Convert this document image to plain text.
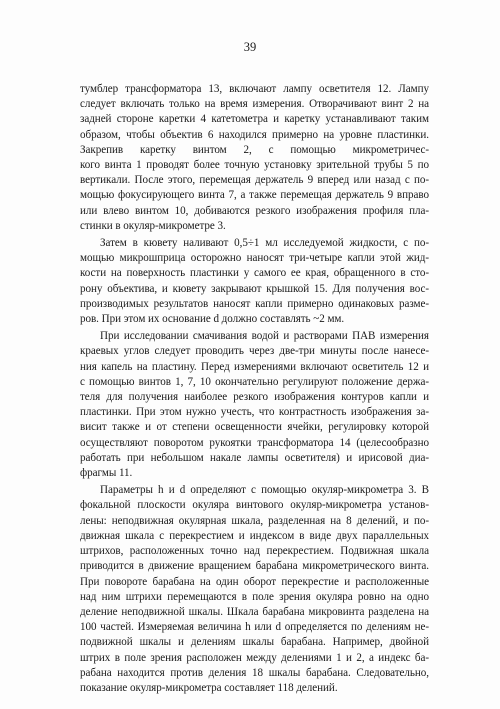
39
тумблер трансформатора 13, включают лампу осветителя 12. Лампу
следует включать только на время измерения. Отворачивают винт 2 на
задней стороне каретки 4 катетометра и каретку устанавливают таким
образом, чтобы объектив 6 находился примерно на уровне пластинки.
Закрепив каретку винтом 2, с помощью микрометричес-
кого винта 1 проводят более точную установку зрительной трубы 5 по
вертикали. После этого, перемещая держатель 9 вперед или назад с по-
мощью фокусирующего винта 7, а также перемещая держатель 9 вправо
или влево винтом 10, добиваются резкого изображения профиля пла-
стинки в окуляр-микрометре 3.
Затем в кювету наливают 0,5÷1 мл исследуемой жидкости, с по-
мощью микрошприца осторожно наносят три-четыре капли этой жид-
кости на поверхность пластинки у самого ее края, обращенного в сто-
рону объектива, и кювету закрывают крышкой 15. Для получения вос-
производимых результатов наносят капли примерно одинаковых разме-
ров. При этом их основание d должно составлять ~2 мм.
При исследовании смачивания водой и растворами ПАВ измерения
краевых углов следует проводить через две-три минуты после нанесе-
ния капель на пластину. Перед измерениями включают осветитель 12 и
с помощью винтов 1, 7, 10 окончательно регулируют положение держа-
теля для получения наиболее резкого изображения контуров капли и
пластинки. При этом нужно учесть, что контрастность изображения за-
висит также и от степени освещенности ячейки, регулировку которой
осуществляют поворотом рукоятки трансформатора 14 (целесообразно
работать при небольшом накале лампы осветителя) и ирисовой диа-
фрагмы 11.
Параметры h и d определяют с помощью окуляр-микрометра 3. В
фокальной плоскости окуляра винтового окуляр-микрометра установ-
лены: неподвижная окулярная шкала, разделенная на 8 делений, и по-
движная шкала с перекрестием и индексом в виде двух параллельных
штрихов, расположенных точно над перекрестием. Подвижная шкала
приводится в движение вращением барабана микрометрического винта.
При повороте барабана на один оборот перекрестие и расположенные
над ним штрихи перемещаются в поле зрения окуляра ровно на одно
деление неподвижной шкалы. Шкала барабана микровинта разделена на
100 частей. Измеряемая величина h или d определяется по делениям не-
подвижной шкалы и делениям шкалы барабана. Например, двойной
штрих в поле зрения расположен между делениями 1 и 2, а индекс ба-
рабана находится против деления 18 шкалы барабана. Следовательно,
показание окуляр-микрометра составляет 118 делений.
